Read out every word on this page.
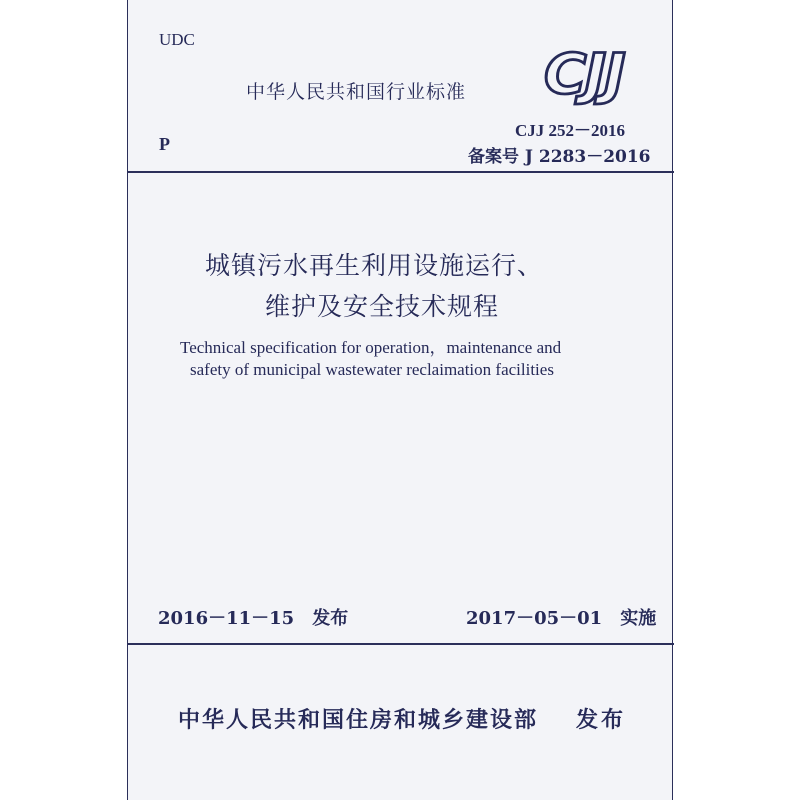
UDC
中华人民共和国行业标准 CJJ
P
CJJ 252－2016
备案号 J 2283－2016
城镇污水再生利用设施运行、
维护及安全技术规程
Technical specification for operation，maintenance and
safety of municipal wastewater reclaimation facilities
2016－11－15　发布	2017－05－01　实施
中华人民共和国住房和城乡建设部 发布
